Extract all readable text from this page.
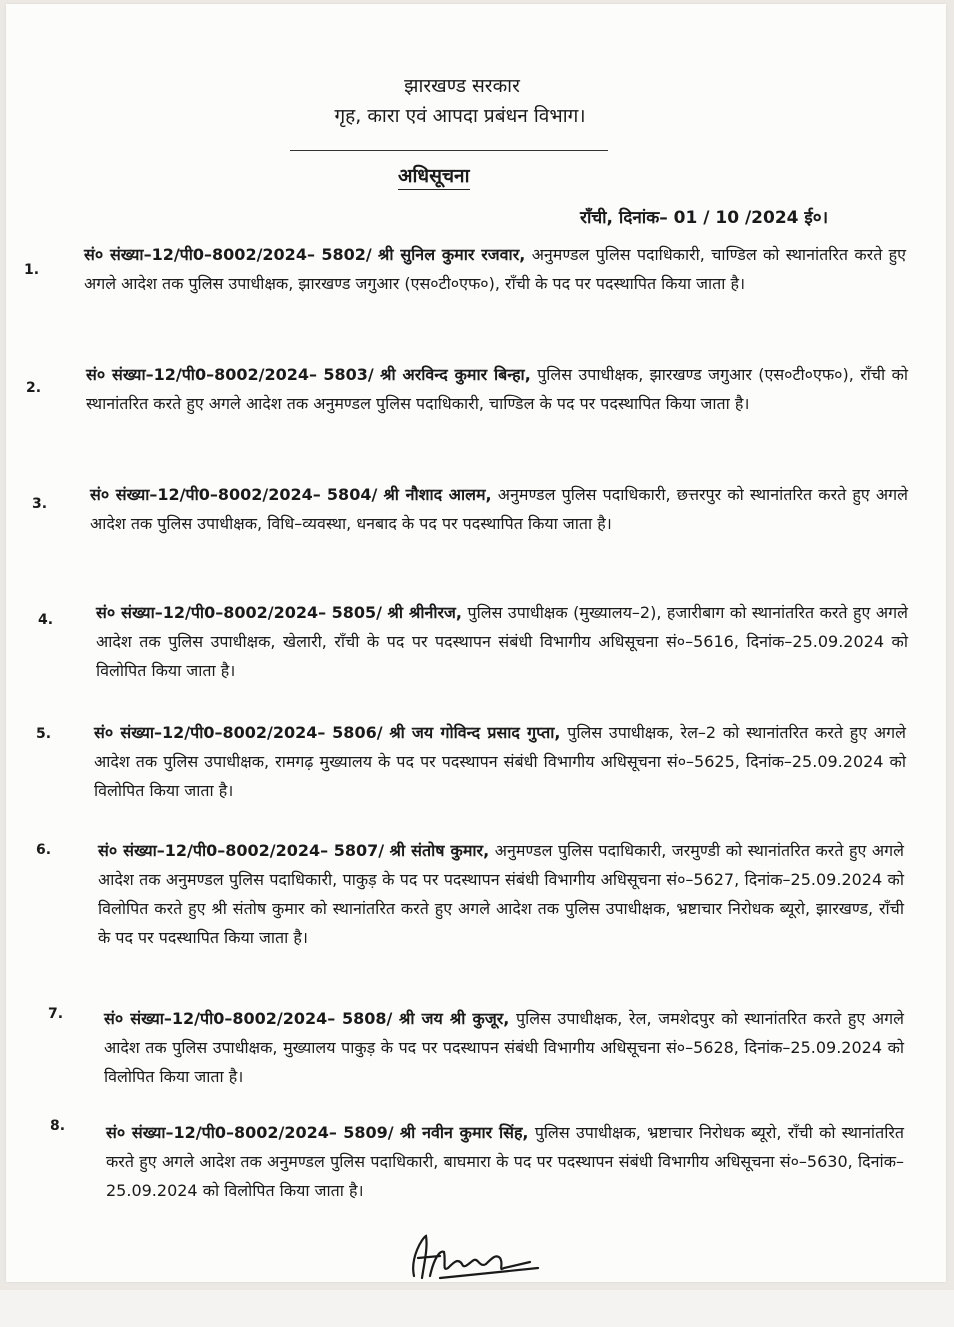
झारखण्ड सरकार
गृह, कारा एवं आपदा प्रबंधन विभाग।
अधिसूचना
राँची, दिनांक– 01 / 10 /2024 ई०।
1.
सं० संख्या–12/पी0–8002/2024– 5802/ श्री सुनिल कुमार रजवार, अनुमण्डल पुलिस पदाधिकारी, चाण्डिल को स्थानांतरित करते हुए अगले आदेश तक पुलिस उपाधीक्षक, झारखण्ड जगुआर (एस०टी०एफ०), राँची के पद पर पदस्थापित किया जाता है।
2.
सं० संख्या–12/पी0–8002/2024– 5803/ श्री अरविन्द कुमार बिन्हा, पुलिस उपाधीक्षक, झारखण्ड जगुआर (एस०टी०एफ०), राँची को स्थानांतरित करते हुए अगले आदेश तक अनुमण्डल पुलिस पदाधिकारी, चाण्डिल के पद पर पदस्थापित किया जाता है।
3.	सं० संख्या–12/पी0–8002/2024– 5804/ श्री नौशाद आलम, अनुमण्डल पुलिस पदाधिकारी, छत्तरपुर को स्थानांतरित करते हुए अगले आदेश तक पुलिस उपाधीक्षक, विधि–व्यवस्था, धनबाद के पद पर पदस्थापित किया जाता है।
4.	सं० संख्या–12/पी0–8002/2024– 5805/ श्री श्रीनीरज, पुलिस उपाधीक्षक (मुख्यालय–2), हजारीबाग को स्थानांतरित करते हुए अगले आदेश तक पुलिस उपाधीक्षक, खेलारी, राँची के पद पर पदस्थापन संबंधी विभागीय अधिसूचना सं०–5616, दिनांक–25.09.2024 को विलोपित किया जाता है।
5.	सं० संख्या–12/पी0–8002/2024– 5806/ श्री जय गोविन्द प्रसाद गुप्ता, पुलिस उपाधीक्षक, रेल–2 को स्थानांतरित करते हुए अगले आदेश तक पुलिस उपाधीक्षक, रामगढ़ मुख्यालय के पद पर पदस्थापन संबंधी विभागीय अधिसूचना सं०–5625, दिनांक–25.09.2024 को विलोपित किया जाता है।
6.	सं० संख्या–12/पी0–8002/2024– 5807/ श्री संतोष कुमार, अनुमण्डल पुलिस पदाधिकारी, जरमुण्डी को स्थानांतरित करते हुए अगले आदेश तक अनुमण्डल पुलिस पदाधिकारी, पाकुड़ के पद पर पदस्थापन संबंधी विभागीय अधिसूचना सं०–5627, दिनांक–25.09.2024 को विलोपित करते हुए श्री संतोष कुमार को स्थानांतरित करते हुए अगले आदेश तक पुलिस उपाधीक्षक, भ्रष्टाचार निरोधक ब्यूरो, झारखण्ड, राँची के पद पर पदस्थापित किया जाता है।
7.	सं० संख्या–12/पी0–8002/2024– 5808/ श्री जय श्री कुजूर, पुलिस उपाधीक्षक, रेल, जमशेदपुर को स्थानांतरित करते हुए अगले आदेश तक पुलिस उपाधीक्षक, मुख्यालय पाकुड़ के पद पर पदस्थापन संबंधी विभागीय अधिसूचना सं०–5628, दिनांक–25.09.2024 को विलोपित किया जाता है।
8.	सं० संख्या–12/पी0–8002/2024– 5809/ श्री नवीन कुमार सिंह, पुलिस उपाधीक्षक, भ्रष्टाचार निरोधक ब्यूरो, राँची को स्थानांतरित करते हुए अगले आदेश तक अनुमण्डल पुलिस पदाधिकारी, बाघमारा के पद पर पदस्थापन संबंधी विभागीय अधिसूचना सं०–5630, दिनांक–25.09.2024 को विलोपित किया जाता है।
